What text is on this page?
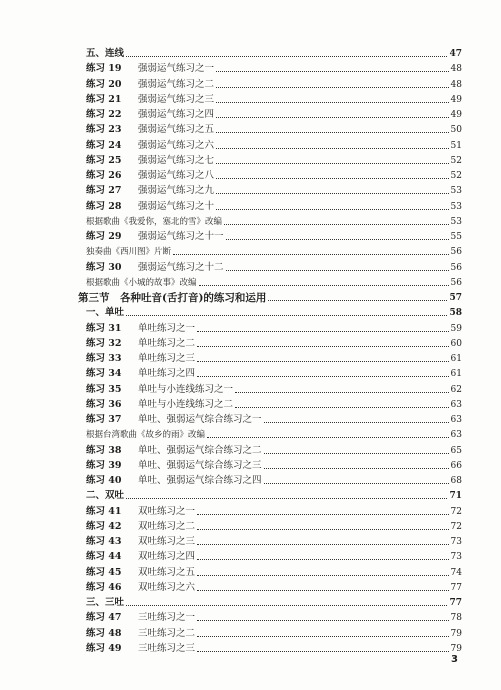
五、连线	47
练习 19 强弱运气练习之一	48
练习 20 强弱运气练习之二	48
练习 21 强弱运气练习之三	49
练习 22 强弱运气练习之四	49
练习 23 强弱运气练习之五	50
练习 24 强弱运气练习之六	51
练习 25 强弱运气练习之七	52
练习 26 强弱运气练习之八	52
练习 27 强弱运气练习之九	53
练习 28 强弱运气练习之十	53
根据歌曲《我爱你，塞北的雪》改编	53
练习 29 强弱运气练习之十一	55
独奏曲《西川图》片断	56
练习 30 强弱运气练习之十二	56
根据歌曲《小城的故事》改编	56
第三节　各种吐音(舌打音)的练习和运用	57
一、单吐	58
练习 31 单吐练习之一	59
练习 32 单吐练习之二	60
练习 33 单吐练习之三	61
练习 34 单吐练习之四	61
练习 35 单吐与小连线练习之一	62
练习 36 单吐与小连线练习之二	63
练习 37 单吐、强弱运气综合练习之一	63
根据台湾歌曲《故乡的雨》改编	63
练习 38 单吐、强弱运气综合练习之二	65
练习 39 单吐、强弱运气综合练习之三	66
练习 40 单吐、强弱运气综合练习之四	68
二、双吐	71
练习 41 双吐练习之一	72
练习 42 双吐练习之二	72
练习 43 双吐练习之三	73
练习 44 双吐练习之四	73
练习 45 双吐练习之五	74
练习 46 双吐练习之六	77
三、三吐	77
练习 47 三吐练习之一	78
练习 48 三吐练习之二	79
练习 49 三吐练习之三	79
3
